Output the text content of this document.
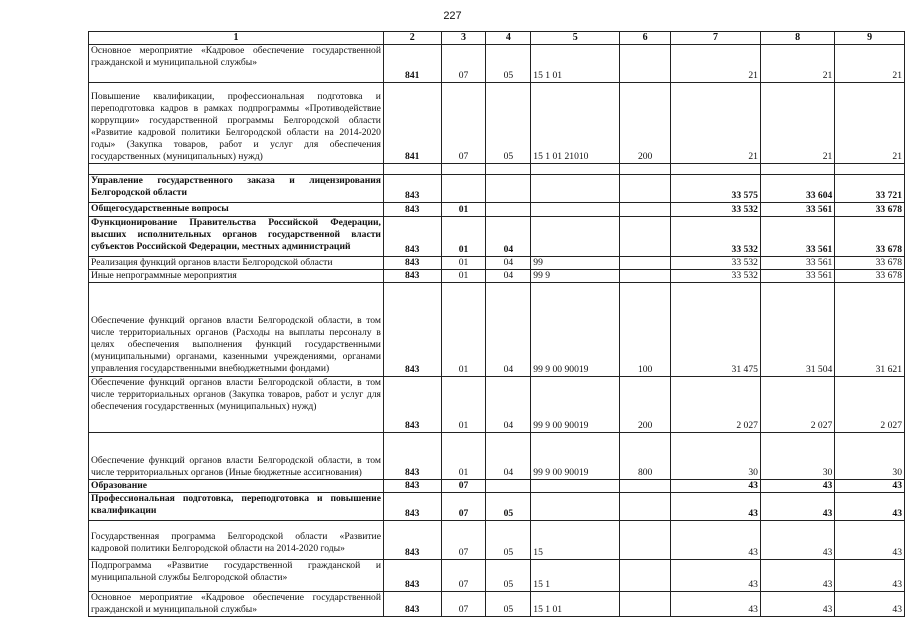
227
1	2	3	4	5	6	7	8	9
Основное мероприятие «Кадровое обеспечение государственной гражданской и муниципальной службы»	841	07	05	15 1 01		21	21	21
Повышение квалификации, профессиональная подготовка и переподготовка кадров в рамках подпрограммы «Противодействие коррупции» государственной программы Белгородской области «Развитие кадровой политики Белгородской области на 2014-2020 годы» (Закупка товаров, работ и услуг для обеспечения государственных (муниципальных) нужд)	841	07	05	15 1 01 21010	200	21	21	21

Управление государственного заказа и лицензирования Белгородской области	843					33 575	33 604	33 721
Общегосударственные вопросы	843	01				33 532	33 561	33 678
Функционирование Правительства Российской Федерации, высших исполнительных органов государственной власти субъектов Российской Федерации, местных администраций	843	01	04			33 532	33 561	33 678
Реализация функций органов власти Белгородской области	843	01	04	99		33 532	33 561	33 678
Иные непрограммные мероприятия	843	01	04	99 9		33 532	33 561	33 678
Обеспечение функций органов власти Белгородской области, в том числе территориальных органов (Расходы на выплаты персоналу в целях обеспечения выполнения функций государственными (муниципальными) органами, казенными учреждениями, органами управления государственными внебюджетными фондами)	843	01	04	99 9 00 90019	100	31 475	31 504	31 621
Обеспечение функций органов власти Белгородской области, в том числе территориальных органов (Закупка товаров, работ и услуг для обеспечения государственных (муниципальных) нужд)	843	01	04	99 9 00 90019	200	2 027	2 027	2 027
Обеспечение функций органов власти Белгородской области, в том числе территориальных органов (Иные бюджетные ассигнования)	843	01	04	99 9 00 90019	800	30	30	30
Образование	843	07				43	43	43
Профессиональная подготовка, переподготовка и повышение квалификации	843	07	05			43	43	43
Государственная программа Белгородской области «Развитие кадровой политики Белгородской области на 2014-2020 годы»	843	07	05	15		43	43	43
Подпрограмма «Развитие государственной гражданской и муниципальной службы Белгородской области»	843	07	05	15 1		43	43	43
Основное мероприятие «Кадровое обеспечение государственной гражданской и муниципальной службы»	843	07	05	15 1 01		43	43	43
